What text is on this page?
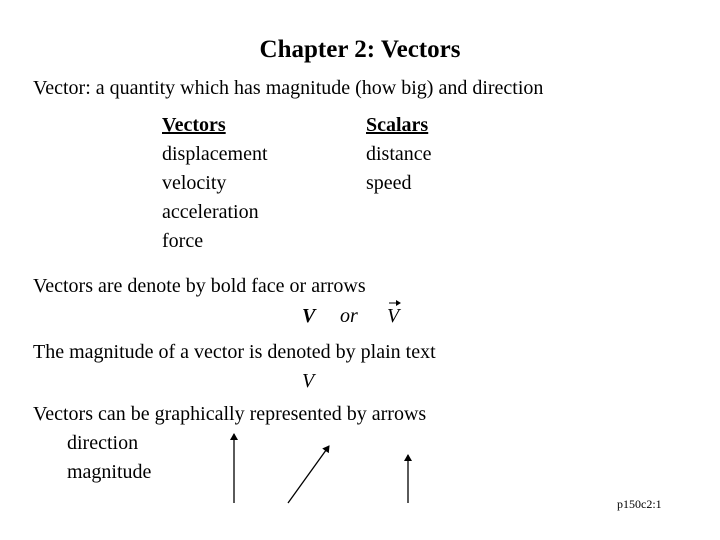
Chapter 2: Vectors
Vector: a quantity which has magnitude (how big) and direction
Vectors	Scalars
displacement
velocity
acceleration
force
distance
speed
Vectors are denote by bold face or arrows
V or V
The magnitude of a vector is denoted by plain text
V
Vectors can be graphically represented by arrows
direction
magnitude
p150c2:1
